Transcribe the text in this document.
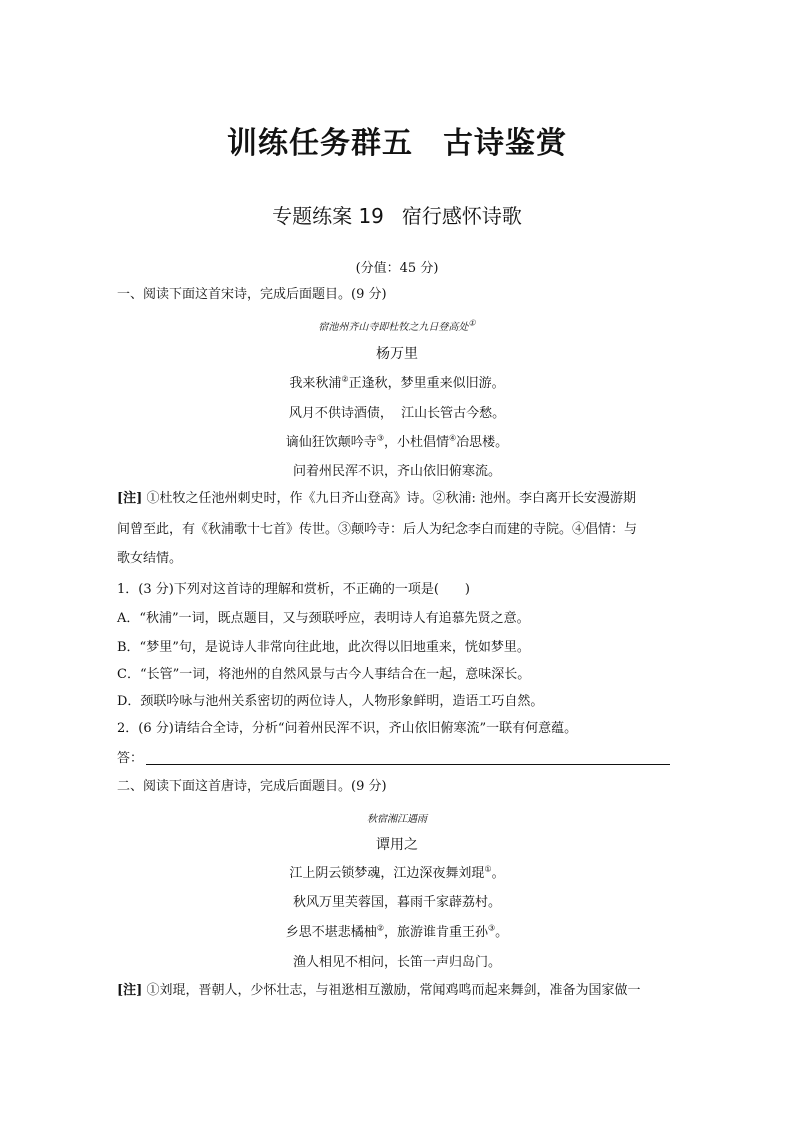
训练任务群五 古诗鉴赏
专题练案 19 宿行感怀诗歌
(分值：45 分)
一、阅读下面这首宋诗，完成后面题目。(9 分)
宿池州齐山寺即杜牧之九日登高处①
杨万里
我来秋浦②正逢秋，梦里重来似旧游。
风月不供诗酒债，  江山长管古今愁。
谪仙狂饮颠吟寺③，小杜倡情④冶思楼。
问着州民浑不识，齐山依旧俯寒流。
[注] ①杜牧之任池州刺史时，作《九日齐山登高》诗。②秋浦: 池州。李白离开长安漫游期
间曾至此，有《秋浦歌十七首》传世。③颠吟寺：后人为纪念李白而建的寺院。④倡情：与
歌女结情。
1．(3 分)下列对这首诗的理解和赏析，不正确的一项是( )
A．“秋浦”一词，既点题目，又与颈联呼应，表明诗人有追慕先贤之意。
B．“梦里”句，是说诗人非常向往此地，此次得以旧地重来，恍如梦里。
C．“长管”一词，将池州的自然风景与古今人事结合在一起，意味深长。
D．颈联吟咏与池州关系密切的两位诗人，人物形象鲜明，造语工巧自然。
2．(6 分)请结合全诗，分析“问着州民浑不识，齐山依旧俯寒流”一联有何意蕴。
答：
二、阅读下面这首唐诗，完成后面题目。(9 分)
秋宿湘江遇雨
谭用之
江上阴云锁梦魂，江边深夜舞刘琨①。
秋风万里芙蓉国，暮雨千家薜荔村。
乡思不堪悲橘柚②，旅游谁肯重王孙③。
渔人相见不相问，长笛一声归岛门。
[注] ①刘琨，晋朝人，少怀壮志，与祖逖相互激励，常闻鸡鸣而起来舞剑，准备为国家做一
